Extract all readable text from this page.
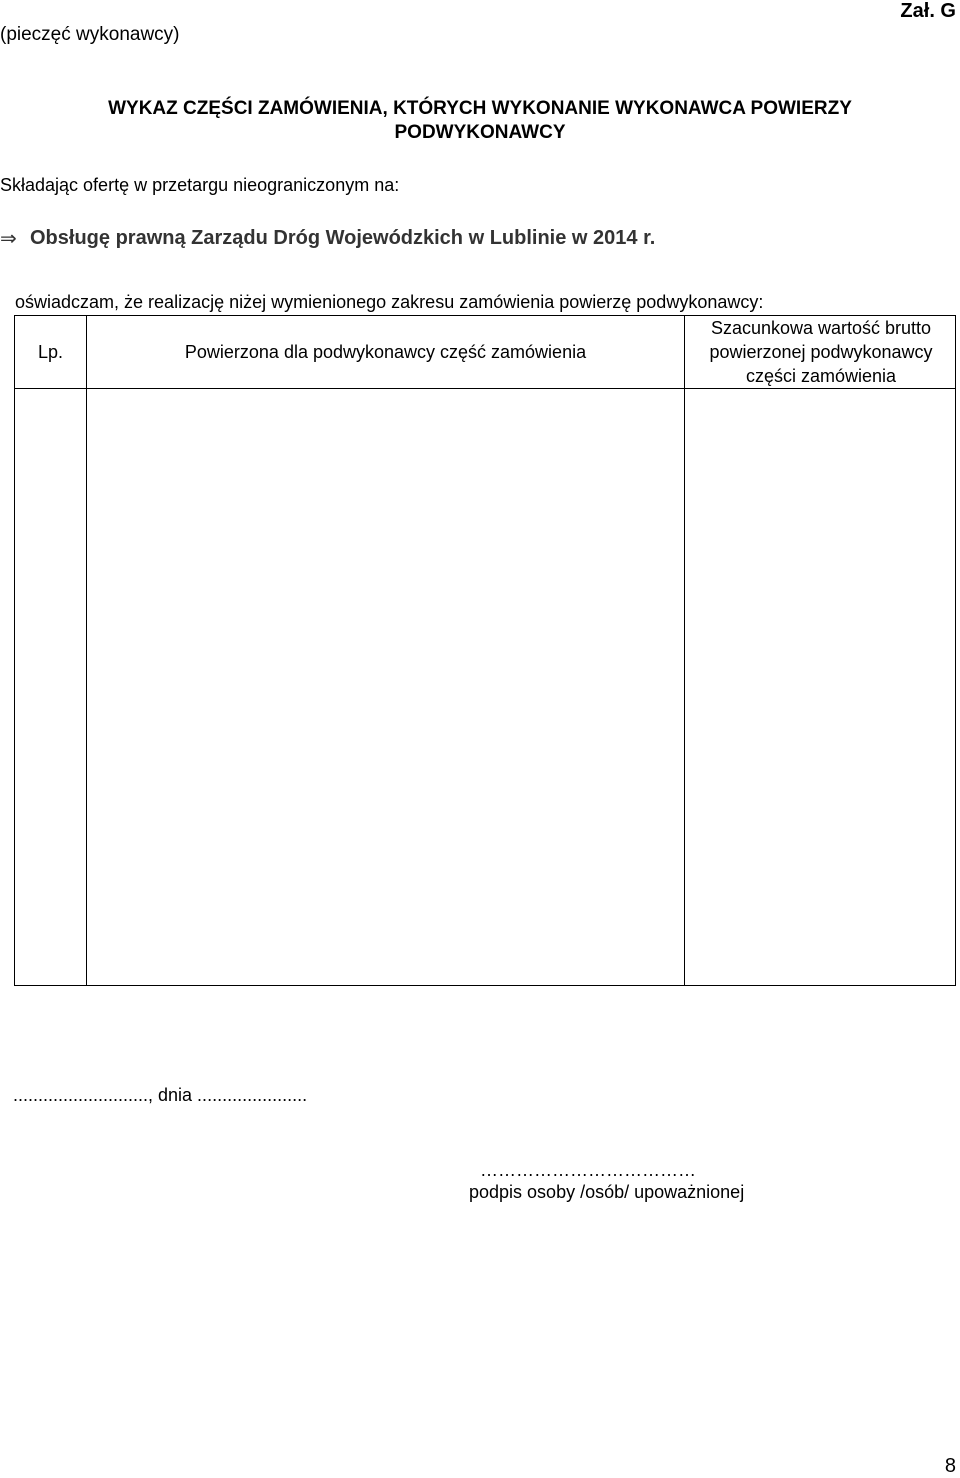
(pieczęć wykonawcy)
Zał. G
WYKAZ CZĘŚCI ZAMÓWIENIA, KTÓRYCH WYKONANIE WYKONAWCA POWIERZY
PODWYKONAWCY
Składając ofertę w przetargu nieograniczonym na:
⇒ Obsługę prawną Zarządu Dróg Wojewódzkich w Lublinie w 2014 r.
oświadczam, że realizację niżej wymienionego zakresu zamówienia powierzę podwykonawcy:
Lp.	Powierzona dla podwykonawcy część zamówienia
Szacunkowa wartość brutto
powierzonej podwykonawcy
części zamówienia
..........................., dnia ......................
………………………………
podpis osoby /osób/ upoważnionej
8
